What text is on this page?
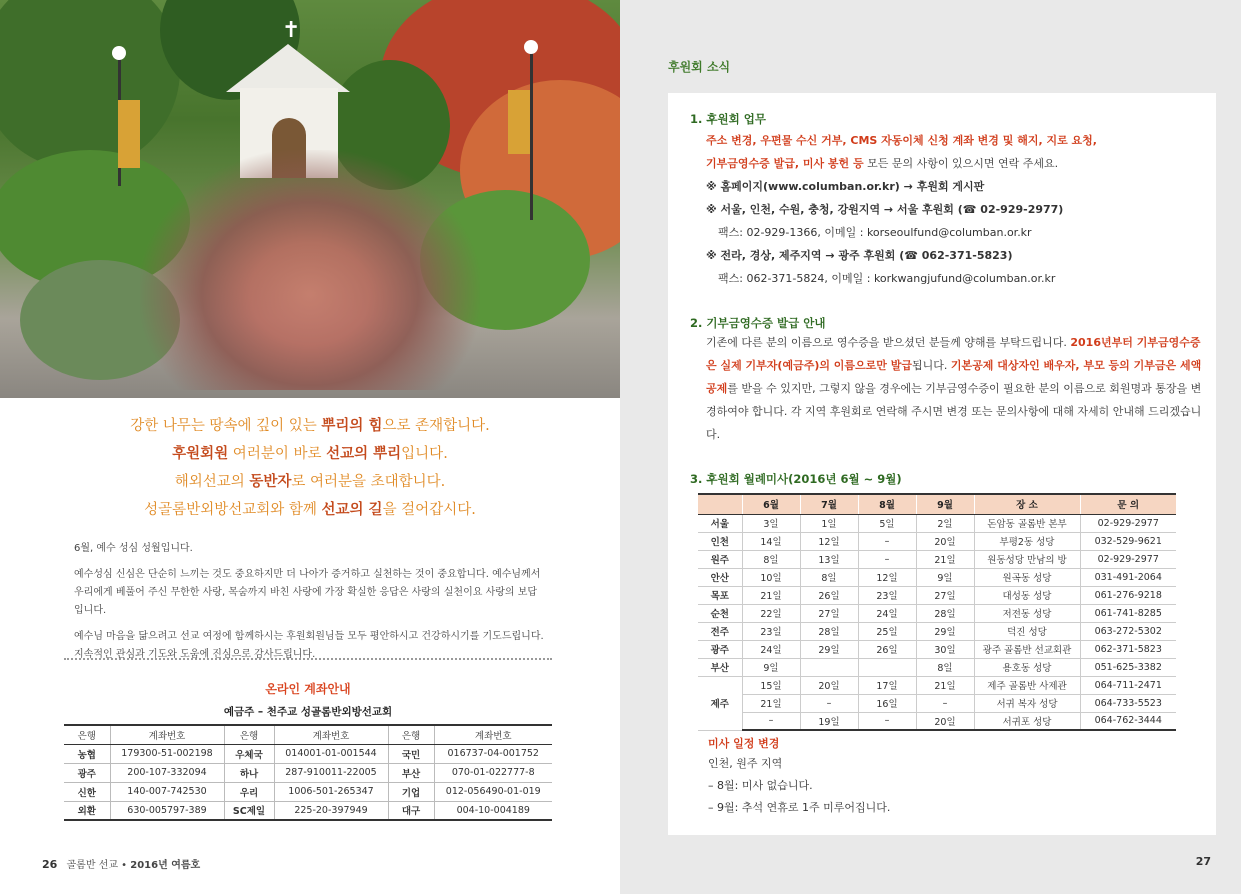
✝
강한 나무는 땅속에 깊이 있는 뿌리의 힘으로 존재합니다.
후원회원 여러분이 바로 선교의 뿌리입니다.
해외선교의 동반자로 여러분을 초대합니다.
성골롬반외방선교회와 함께 선교의 길을 걸어갑시다.

6월, 예수 성심 성월입니다.

예수성심 신심은 단순히 느끼는 것도 중요하지만 더 나아가 증거하고 실천하는 것이 중요합니다. 예수님께서 우리에게 베풀어 주신 무한한 사랑, 목숨까지 바친 사랑에 가장 확실한 응답은 사랑의 실천이요 사랑의 보답입니다.

예수님 마음을 닮으려고 선교 여정에 함께하시는 후원회원님들 모두 평안하시고 건강하시기를 기도드립니다. 지속적인 관심과 기도와 도움에 진심으로 감사드립니다.

온라인 계좌안내
예금주 – 천주교 성골롬반외방선교회
은행	계좌번호	은행	계좌번호	은행	계좌번호
농협	179300-51-002198	우체국	014001-01-001544	국민	016737-04-001752
광주	200-107-332094	하나	287-910011-22005	부산	070-01-022777-8
신한	140-007-742530	우리	1006-501-265347	기업	012-056490-01-019
외환	630-005797-389	SC제일	225-20-397949	대구	004-10-004189
26 골롬반 선교 • 2016년 여름호
후원회 소식
1. 후원회 업무
주소 변경, 우편물 수신 거부, CMS 자동이체 신청 계좌 변경 및 해지, 지로 요청,
기부금영수증 발급, 미사 봉헌 등 모든 문의 사항이 있으시면 연락 주세요.
※ 홈페이지(www.columban.or.kr) → 후원회 게시판
※ 서울, 인천, 수원, 충청, 강원지역 → 서울 후원회 (☎ 02-929-2977)
팩스: 02-929-1366, 이메일 : korseoulfund@columban.or.kr
※ 전라, 경상, 제주지역 → 광주 후원회 (☎ 062-371-5823)
팩스: 062-371-5824, 이메일 : korkwangjufund@columban.or.kr
2. 기부금영수증 발급 안내
기존에 다른 분의 이름으로 영수증을 받으셨던 분들께 양해를 부탁드립니다. 2016년부터 기부금영수증은 실제 기부자(예금주)의 이름으로만 발급됩니다. 기본공제 대상자인 배우자, 부모 등의 기부금은 세액공제를 받을 수 있지만, 그렇지 않을 경우에는 기부금영수증이 필요한 분의 이름으로 회원명과 통장을 변경하여야 합니다. 각 지역 후원회로 연락해 주시면 변경 또는 문의사항에 대해 자세히 안내해 드리겠습니다.
3. 후원회 월례미사(2016년 6월 ~ 9월)
	6월	7월	8월	9월	장 소	문 의
서울	3일	1일	5일	2일	돈암동 골롬반 본부	02-929-2977
인천	14일	12일	–	20일	부평2동 성당	032-529-9621
원주	8일	13일	–	21일	원동성당 만남의 방	02-929-2977
안산	10일	8일	12일	9일	원곡동 성당	031-491-2064
목포	21일	26일	23일	27일	대성동 성당	061-276-9218
순천	22일	27일	24일	28일	저전동 성당	061-741-8285
전주	23일	28일	25일	29일	덕진 성당	063-272-5302
광주	24일	29일	26일	30일	광주 골롬반 선교회관	062-371-5823
부산	9일			8일	용호동 성당	051-625-3382
제주	15일	20일	17일	21일	제주 골롬반 사제관	064-711-2471
	21일	–	16일	–	서귀 복자 성당	064-733-5523
	–	19일	–	20일	서귀포 성당	064-762-3444
미사 일정 변경
인천, 원주 지역
– 8월: 미사 없습니다.
– 9월: 추석 연휴로 1주 미루어집니다.
27
